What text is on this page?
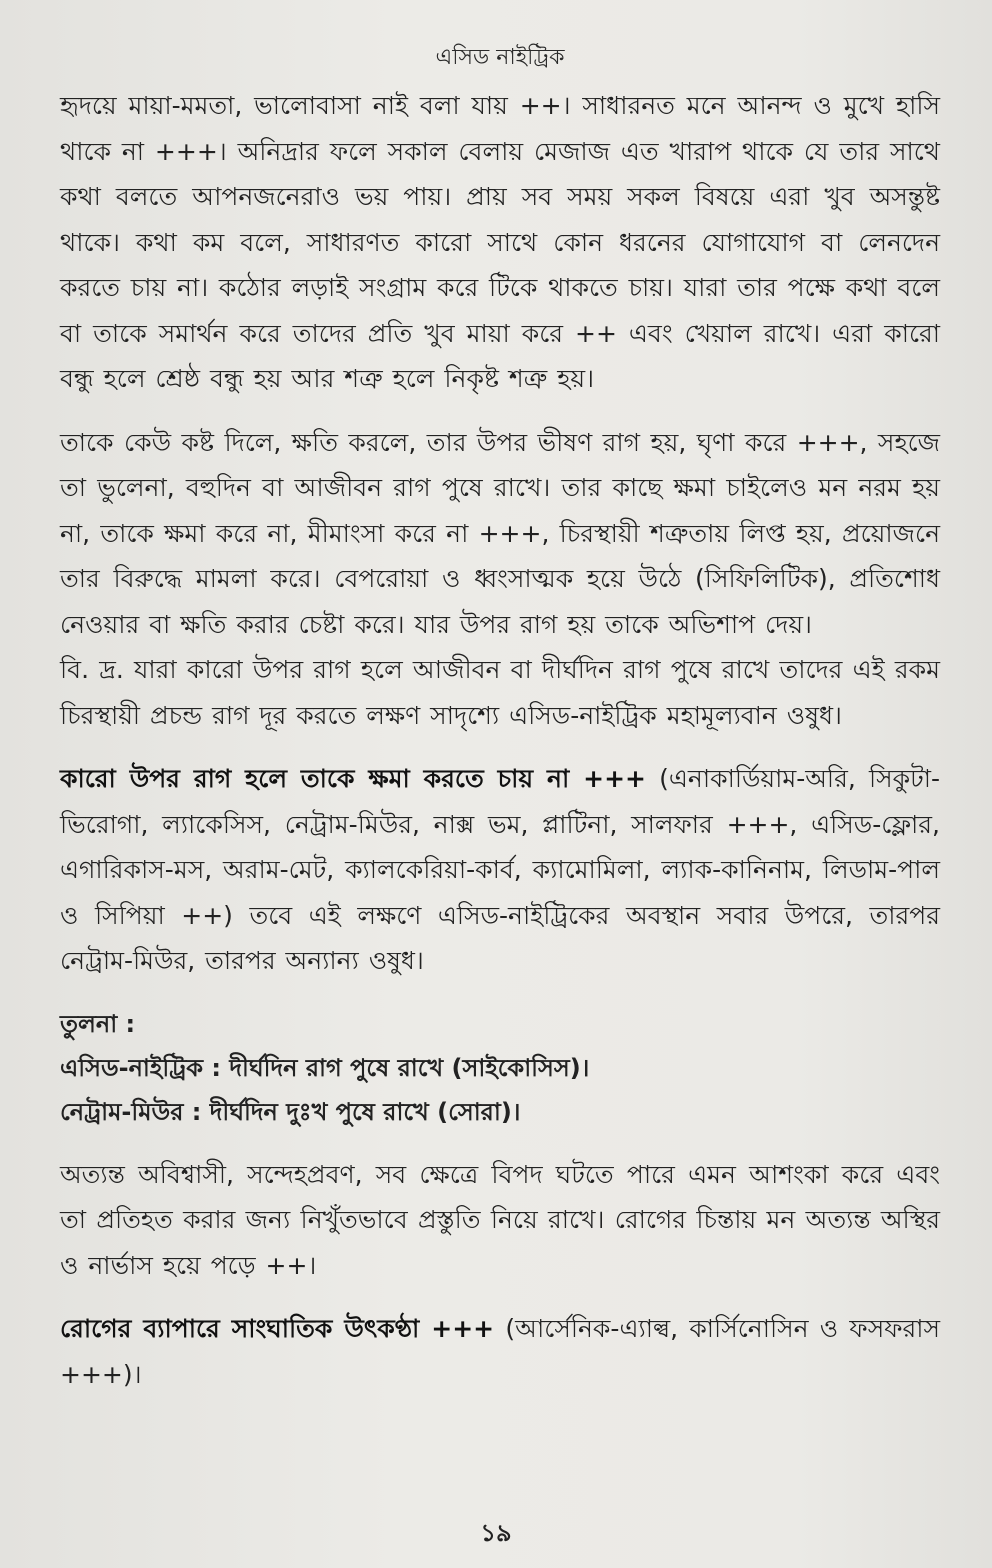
এসিড নাইট্রিক

হৃদয়ে মায়া-মমতা, ভালোবাসা নাই বলা যায় ++। সাধারনত মনে আনন্দ ও মুখে হাসি থাকে না +++। অনিদ্রার ফলে সকাল বেলায় মেজাজ এত খারাপ থাকে যে তার সাথে কথা বলতে আপনজনেরাও ভয় পায়। প্রায় সব সময় সকল বিষয়ে এরা খুব অসন্তুষ্ট থাকে। কথা কম বলে, সাধারণত কারো সাথে কোন ধরনের যোগাযোগ বা লেনদেন করতে চায় না। কঠোর লড়াই সংগ্রাম করে টিকে থাকতে চায়। যারা তার পক্ষে কথা বলে বা তাকে সমার্থন করে তাদের প্রতি খুব মায়া করে ++ এবং খেয়াল রাখে। এরা কারো বন্ধু হলে শ্রেষ্ঠ বন্ধু হয় আর শত্রু হলে নিকৃষ্ট শত্রু হয়।

তাকে কেউ কষ্ট দিলে, ক্ষতি করলে, তার উপর ভীষণ রাগ হয়, ঘৃণা করে +++, সহজে তা ভুলেনা, বহুদিন বা আজীবন রাগ পুষে রাখে। তার কাছে ক্ষমা চাইলেও মন নরম হয় না, তাকে ক্ষমা করে না, মীমাংসা করে না +++, চিরস্থায়ী শত্রুতায় লিপ্ত হয়, প্রয়োজনে তার বিরুদ্ধে মামলা করে। বেপরোয়া ও ধ্বংসাত্মক হয়ে উঠে (সিফিলিটিক), প্রতিশোধ নেওয়ার বা ক্ষতি করার চেষ্টা করে। যার উপর রাগ হয় তাকে অভিশাপ দেয়।

বি. দ্র. যারা কারো উপর রাগ হলে আজীবন বা দীর্ঘদিন রাগ পুষে রাখে তাদের এই রকম চিরস্থায়ী প্রচন্ড রাগ দূর করতে লক্ষণ সাদৃশ্যে এসিড-নাইট্রিক মহামূল্যবান ওষুধ।

কারো উপর রাগ হলে তাকে ক্ষমা করতে চায় না +++ (এনাকার্ডিয়াম-অরি, সিকুটা-ভিরোগা, ল্যাকেসিস, নেট্রাম-মিউর, নাক্স ভম, প্লাটিনা, সালফার +++, এসিড-ফ্লোর, এগারিকাস-মস, অরাম-মেট, ক্যালকেরিয়া-কার্ব, ক্যামোমিলা, ল্যাক-কানিনাম, লিডাম-পাল ও সিপিয়া ++) তবে এই লক্ষণে এসিড-নাইট্রিকের অবস্থান সবার উপরে, তারপর নেট্রাম-মিউর, তারপর অন্যান্য ওষুধ।

তুলনা :

এসিড-নাইট্রিক : দীর্ঘদিন রাগ পুষে রাখে (সাইকোসিস)।

নেট্রাম-মিউর : দীর্ঘদিন দুঃখ পুষে রাখে (সোরা)।

অত্যন্ত অবিশ্বাসী, সন্দেহপ্রবণ, সব ক্ষেত্রে বিপদ ঘটতে পারে এমন আশংকা করে এবং তা প্রতিহত করার জন্য নিখুঁতভাবে প্রস্তুতি নিয়ে রাখে। রোগের চিন্তায় মন অত্যন্ত অস্থির ও নার্ভাস হয়ে পড়ে ++।

রোগের ব্যাপারে সাংঘাতিক উৎকণ্ঠা +++ (আর্সেনিক-এ্যাল্ব, কার্সিনোসিন ও ফসফরাস +++)।

১৯
